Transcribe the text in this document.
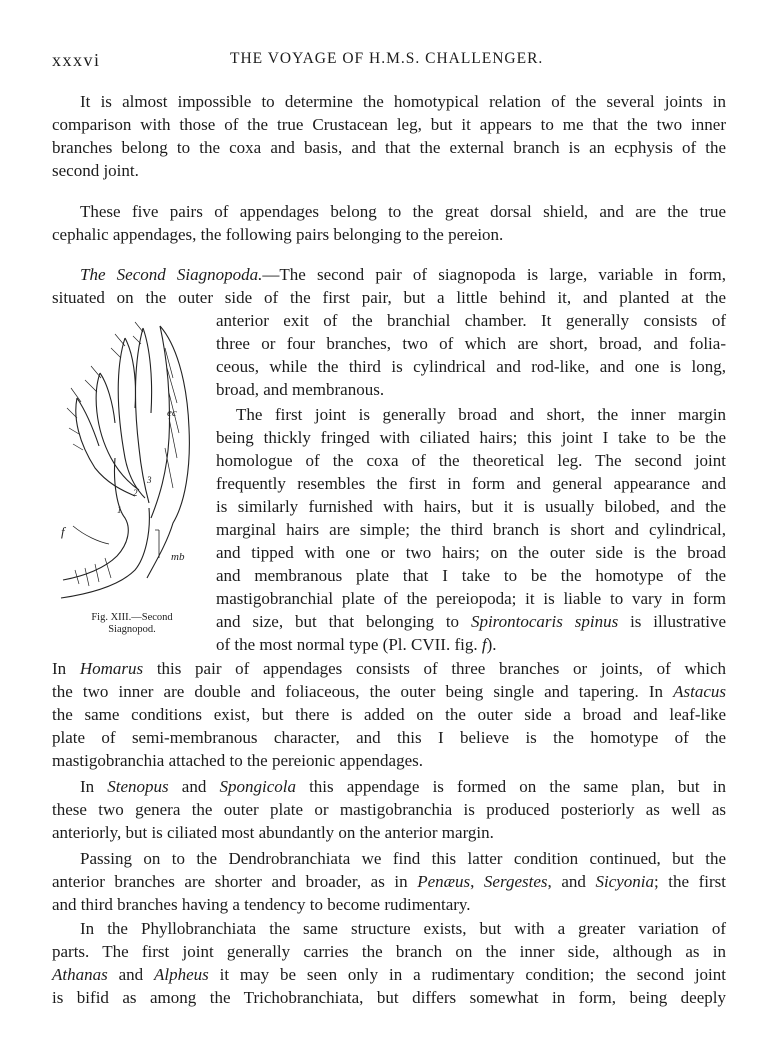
xxxvi	THE VOYAGE OF H.M.S. CHALLENGER.
It is almost impossible to determine the homotypical relation of the several joints in
comparison with those of the true Crustacean leg, but it appears to me that the two inner
branches belong to the coxa and basis, and that the external branch is an ecphysis of the
second joint.
These five pairs of appendages belong to the great dorsal shield, and are the true
cephalic appendages, the following pairs belonging to the pereion.
The Second Siagnopoda.—The second pair of siagnopoda is large, variable in form,
situated on the outer side of the first pair, but a little behind it, and planted at the
anterior exit of the branchial chamber. It generally consists of
three or four branches, two of which are short, broad, and folia-
ceous, while the third is cylindrical and rod-like, and one is long,
broad, and membranous.
The first joint is generally broad and short, the inner margin
being thickly fringed with ciliated hairs; this joint I take to be the
homologue of the coxa of the theoretical leg. The second joint
frequently resembles the first in form and general appearance and
is similarly furnished with hairs, but it is usually bilobed, and the
marginal hairs are simple; the third branch is short and cylindrical,
and tipped with one or two hairs; on the outer side is the broad
and membranous plate that I take to be the homotype of the
mastigobranchial plate of the pereiopoda; it is liable to vary in form
and size, but that belonging to Spirontocaris spinus is illustrative
of the most normal type (Pl. CVII. fig. f).
ec
f
mb
1
2
3
Fig. XIII.—Second
Siagnopod.
In Homarus this pair of appendages consists of three branches or joints, of which
the two inner are double and foliaceous, the outer being single and tapering. In Astacus
the same conditions exist, but there is added on the outer side a broad and leaf-like
plate of semi-membranous character, and this I believe is the homotype of the
mastigobranchia attached to the pereionic appendages.
In Stenopus and Spongicola this appendage is formed on the same plan, but in
these two genera the outer plate or mastigobranchia is produced posteriorly as well as
anteriorly, but is ciliated most abundantly on the anterior margin.
Passing on to the Dendrobranchiata we find this latter condition continued, but the
anterior branches are shorter and broader, as in Penæus, Sergestes, and Sicyonia; the first
and third branches having a tendency to become rudimentary.
In the Phyllobranchiata the same structure exists, but with a greater variation of
parts. The first joint generally carries the branch on the inner side, although as in
Athanas and Alpheus it may be seen only in a rudimentary condition; the second joint
is bifid as among the Trichobranchiata, but differs somewhat in form, being deeply
